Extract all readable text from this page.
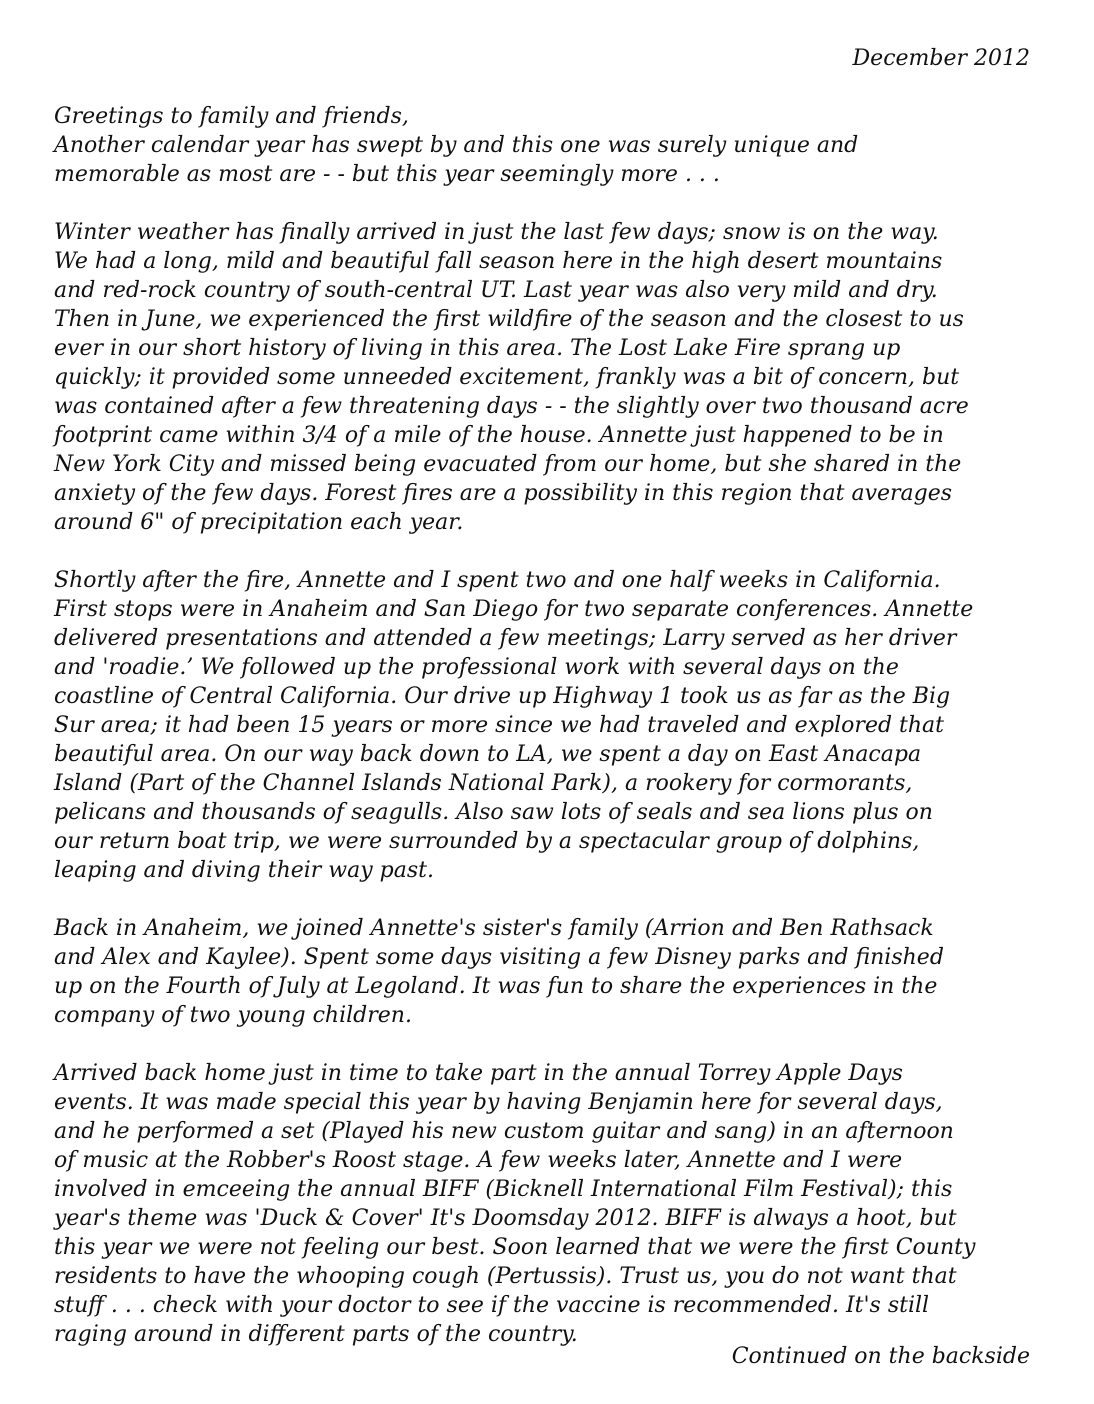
December 2012
Greetings to family and friends,
Another calendar year has swept by and this one was surely unique and
memorable as most are - - but this year seemingly more . . .
Winter weather has finally arrived in just the last few days; snow is on the way.
We had a long, mild and beautiful fall season here in the high desert mountains
and red-rock country of south-central UT. Last year was also very mild and dry.
Then in June, we experienced the first wildfire of the season and the closest to us
ever in our short history of living in this area. The Lost Lake Fire sprang up
quickly; it provided some unneeded excitement, frankly was a bit of concern, but
was contained after a few threatening days - - the slightly over two thousand acre
footprint came within 3/4 of a mile of the house. Annette just happened to be in
New York City and missed being evacuated from our home, but she shared in the
anxiety of the few days. Forest fires are a possibility in this region that averages
around 6" of precipitation each year.
Shortly after the fire, Annette and I spent two and one half weeks in California.
First stops were in Anaheim and San Diego for two separate conferences. Annette
delivered presentations and attended a few meetings; Larry served as her driver
and 'roadie.’ We followed up the professional work with several days on the
coastline of Central California. Our drive up Highway 1 took us as far as the Big
Sur area; it had been 15 years or more since we had traveled and explored that
beautiful area. On our way back down to LA, we spent a day on East Anacapa
Island (Part of the Channel Islands National Park), a rookery for cormorants,
pelicans and thousands of seagulls. Also saw lots of seals and sea lions plus on
our return boat trip, we were surrounded by a spectacular group of dolphins,
leaping and diving their way past.
Back in Anaheim, we joined Annette's sister's family (Arrion and Ben Rathsack
and Alex and Kaylee). Spent some days visiting a few Disney parks and finished
up on the Fourth of July at Legoland. It was fun to share the experiences in the
company of two young children.
Arrived back home just in time to take part in the annual Torrey Apple Days
events. It was made special this year by having Benjamin here for several days,
and he performed a set (Played his new custom guitar and sang) in an afternoon
of music at the Robber's Roost stage. A few weeks later, Annette and I were
involved in emceeing the annual BIFF (Bicknell International Film Festival); this
year's theme was 'Duck & Cover' It's Doomsday 2012. BIFF is always a hoot, but
this year we were not feeling our best. Soon learned that we were the first County
residents to have the whooping cough (Pertussis). Trust us, you do not want that
stuff . . . check with your doctor to see if the vaccine is recommended. It's still
raging around in different parts of the country.
Continued on the backside
